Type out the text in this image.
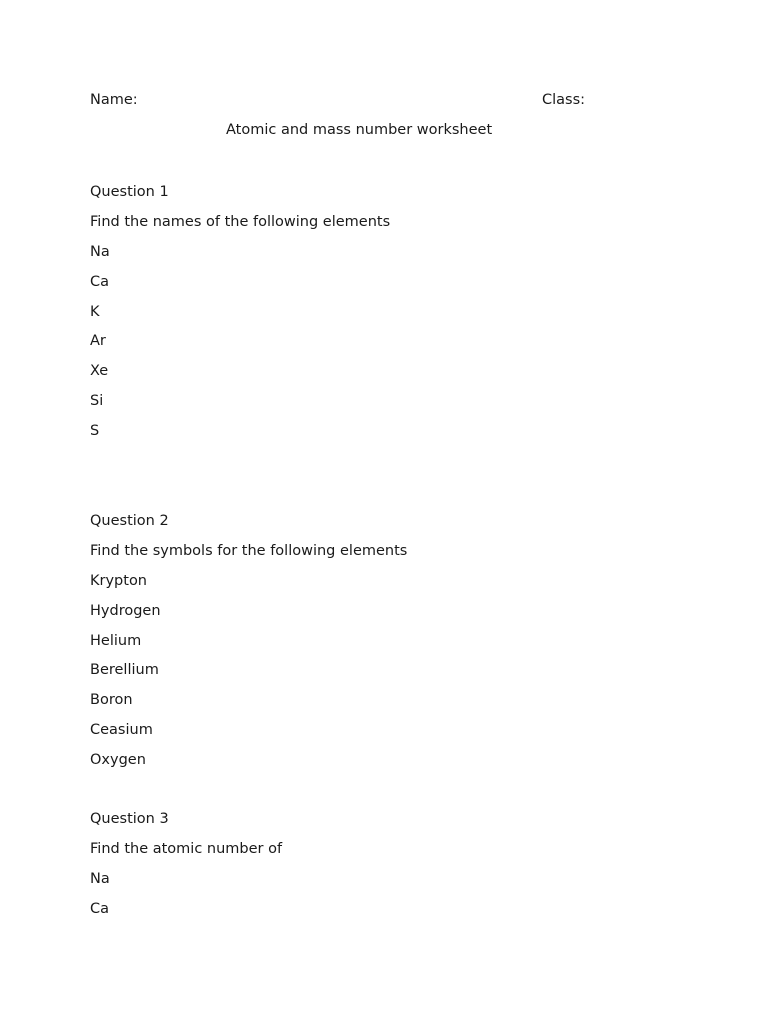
Name:	Class:
Atomic and mass number worksheet
Question 1
Find the names of the following elements
Na
Ca
K
Ar
Xe
Si
S
Question 2
Find the symbols for the following elements
Krypton
Hydrogen
Helium
Berellium
Boron
Ceasium
Oxygen
Question 3
Find the atomic number of
Na
Ca
